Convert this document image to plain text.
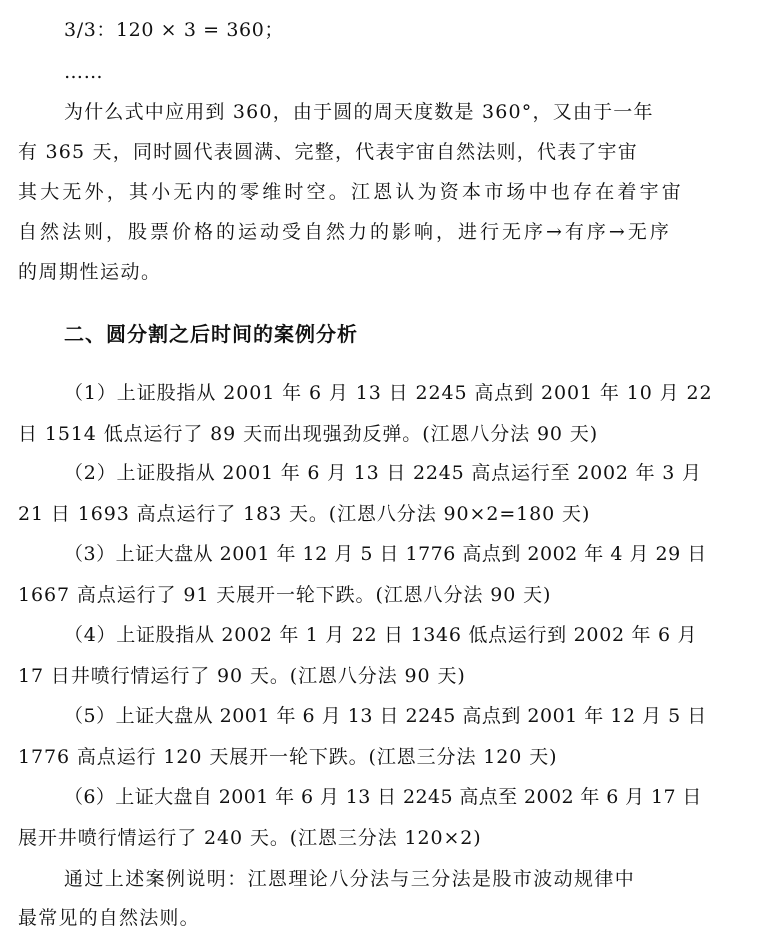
3/3：120 × 3 = 360；
……
为什么式中应用到 360，由于圆的周天度数是 360°，又由于一年
有 365 天，同时圆代表圆满、完整，代表宇宙自然法则，代表了宇宙
其大无外，其小无内的零维时空。江恩认为资本市场中也存在着宇宙
自然法则，股票价格的运动受自然力的影响，进行无序→有序→无序
的周期性运动。
二、圆分割之后时间的案例分析
（1）上证股指从 2001 年 6 月 13 日 2245 高点到 2001 年 10 月 22
日 1514 低点运行了 89 天而出现强劲反弹。(江恩八分法 90 天)
（2）上证股指从 2001 年 6 月 13 日 2245 高点运行至 2002 年 3 月
21 日 1693 高点运行了 183 天。(江恩八分法 90×2=180 天)
（3）上证大盘从 2001 年 12 月 5 日 1776 高点到 2002 年 4 月 29 日
1667 高点运行了 91 天展开一轮下跌。(江恩八分法 90 天)
（4）上证股指从 2002 年 1 月 22 日 1346 低点运行到 2002 年 6 月
17 日井喷行情运行了 90 天。(江恩八分法 90 天)
（5）上证大盘从 2001 年 6 月 13 日 2245 高点到 2001 年 12 月 5 日
1776 高点运行 120 天展开一轮下跌。(江恩三分法 120 天)
（6）上证大盘自 2001 年 6 月 13 日 2245 高点至 2002 年 6 月 17 日
展开井喷行情运行了 240 天。(江恩三分法 120×2)
通过上述案例说明：江恩理论八分法与三分法是股市波动规律中
最常见的自然法则。
